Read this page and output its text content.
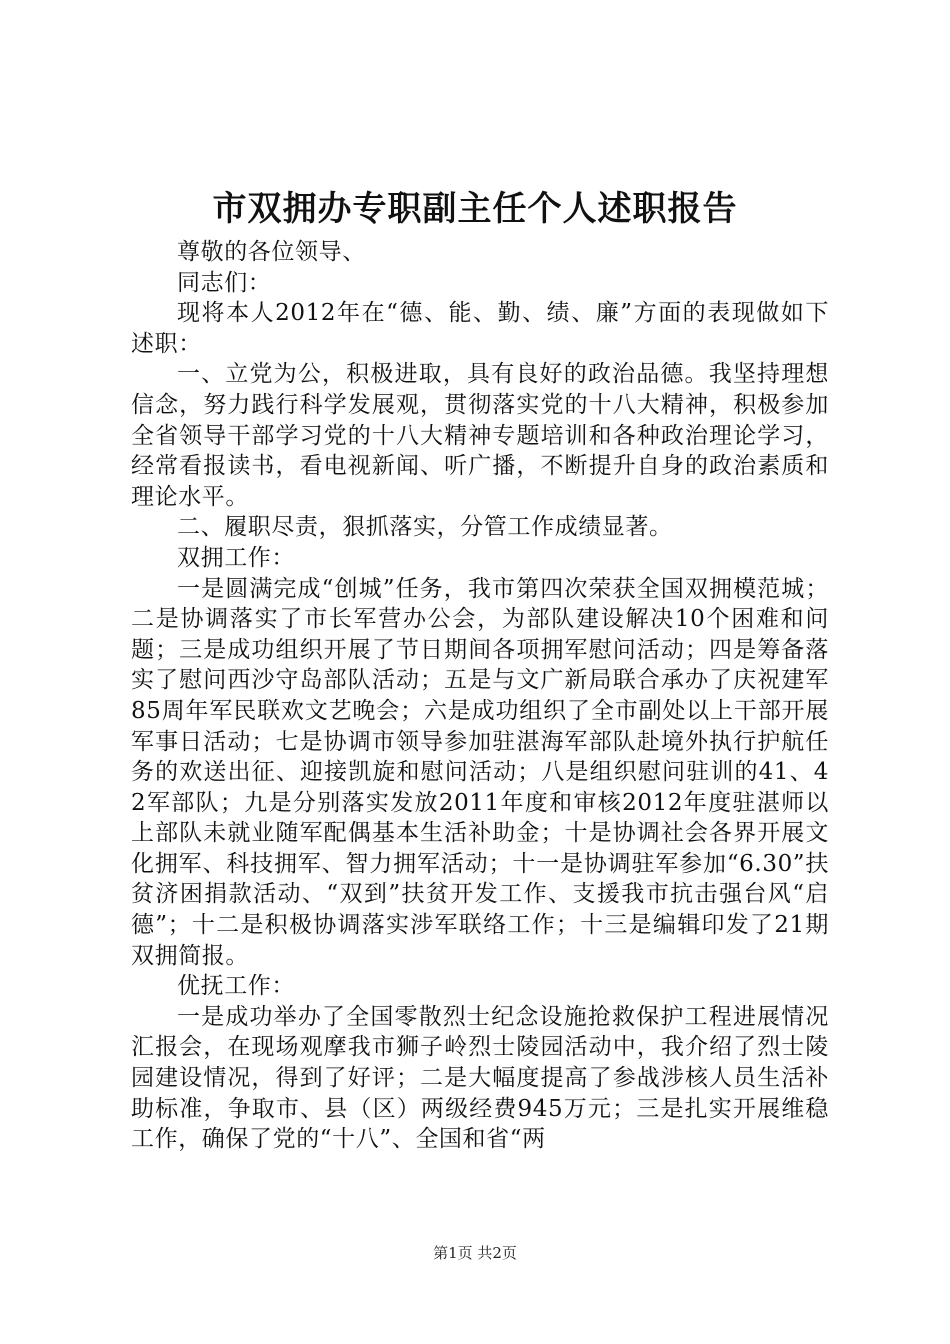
市双拥办专职副主任个人述职报告

尊敬的各位领导、

同志们：

现将本人2012年在“德、能、勤、绩、廉”方面的表现做如下述职：

一、立党为公，积极进取，具有良好的政治品德。我坚持理想信念，努力践行科学发展观，贯彻落实党的十八大精神，积极参加全省领导干部学习党的十八大精神专题培训和各种政治理论学习，经常看报读书，看电视新闻、听广播，不断提升自身的政治素质和理论水平。

二、履职尽责，狠抓落实，分管工作成绩显著。

双拥工作：

一是圆满完成“创城”任务，我市第四次荣获全国双拥模范城；二是协调落实了市长军营办公会，为部队建设解决10个困难和问题；三是成功组织开展了节日期间各项拥军慰问活动；四是筹备落实了慰问西沙守岛部队活动；五是与文广新局联合承办了庆祝建军85周年军民联欢文艺晚会；六是成功组织了全市副处以上干部开展军事日活动；七是协调市领导参加驻湛海军部队赴境外执行护航任务的欢送出征、迎接凯旋和慰问活动；八是组织慰问驻训的41、42军部队；九是分别落实发放2011年度和审核2012年度驻湛师以上部队未就业随军配偶基本生活补助金；十是协调社会各界开展文化拥军、科技拥军、智力拥军活动；十一是协调驻军参加“6.30”扶贫济困捐款活动、“双到”扶贫开发工作、支援我市抗击强台风“启德”；十二是积极协调落实涉军联络工作；十三是编辑印发了21期双拥简报。

优抚工作：

一是成功举办了全国零散烈士纪念设施抢救保护工程进展情况汇报会，在现场观摩我市狮子岭烈士陵园活动中，我介绍了烈士陵园建设情况，得到了好评；二是大幅度提高了参战涉核人员生活补助标准，争取市、县（区）两级经费945万元；三是扎实开展维稳工作，确保了党的“十八”、全国和省“两

第1页 共2页
